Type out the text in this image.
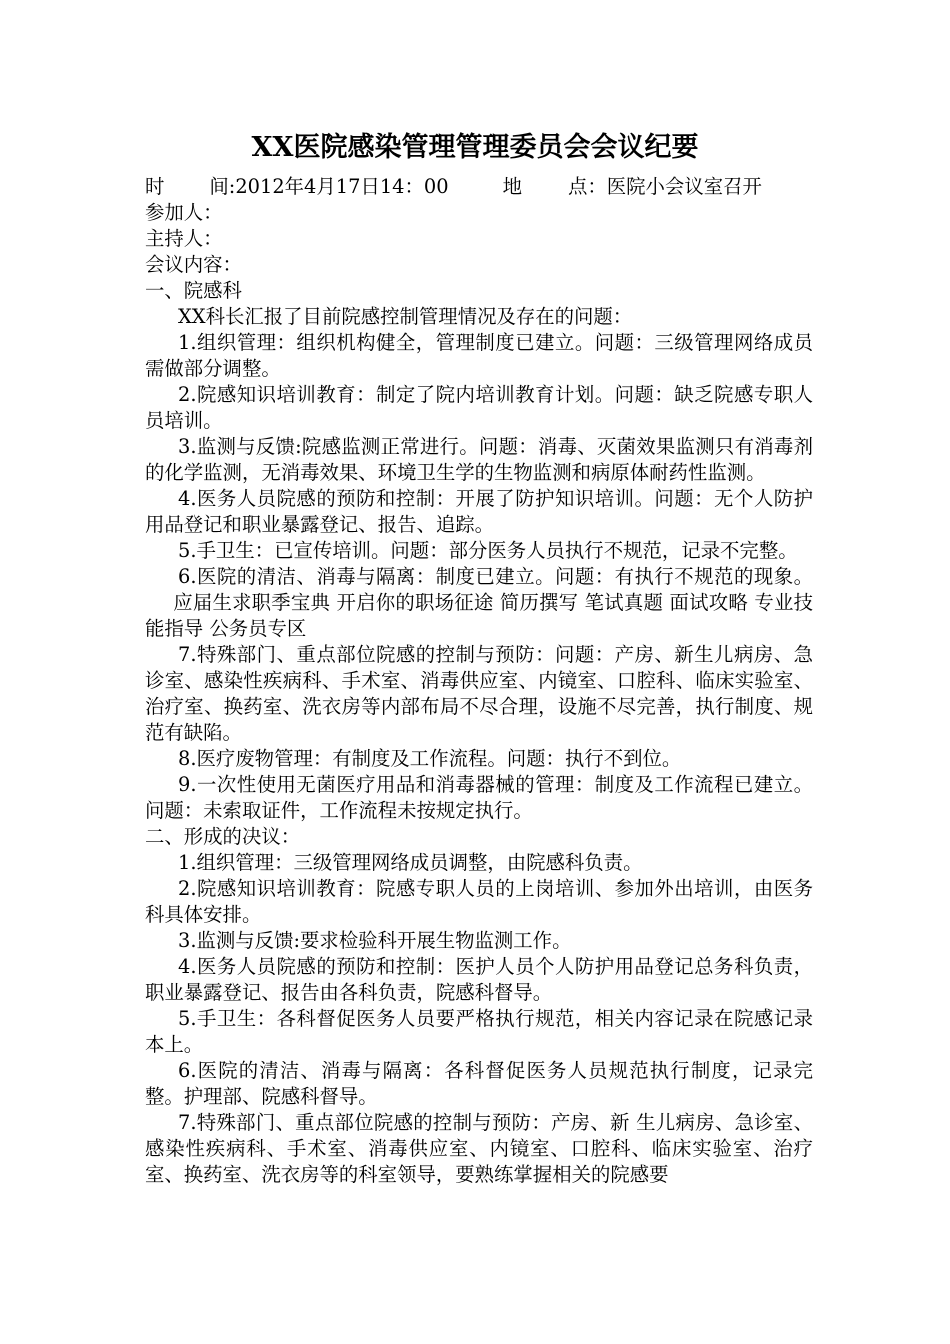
XX医院感染管理管理委员会会议纪要

时 间:2012年4月17日14：00	地 点：医院小会议室召开

参加人：

主持人：

会议内容：

一、院感科

XX科长汇报了目前院感控制管理情况及存在的问题：

1.组织管理：组织机构健全，管理制度已建立。问题：三级管理网络成员需做部分调整。

2.院感知识培训教育：制定了院内培训教育计划。问题：缺乏院感专职人员培训。

3.监测与反馈:院感监测正常进行。问题：消毒、灭菌效果监测只有消毒剂的化学监测，无消毒效果、环境卫生学的生物监测和病原体耐药性监测。

4.医务人员院感的预防和控制：开展了防护知识培训。问题：无个人防护用品登记和职业暴露登记、报告、追踪。

5.手卫生：已宣传培训。问题：部分医务人员执行不规范，记录不完整。

6.医院的清洁、消毒与隔离：制度已建立。问题：有执行不规范的现象。应届生求职季宝典 开启你的职场征途 简历撰写 笔试真题 面试攻略 专业技能指导 公务员专区

7.特殊部门、重点部位院感的控制与预防：问题：产房、新生儿病房、急诊室、感染性疾病科、手术室、消毒供应室、内镜室、口腔科、临床实验室、治疗室、换药室、洗衣房等内部布局不尽合理，设施不尽完善，执行制度、规范有缺陷。

8.医疗废物管理：有制度及工作流程。问题：执行不到位。

9.一次性使用无菌医疗用品和消毒器械的管理：制度及工作流程已建立。问题：未索取证件，工作流程未按规定执行。

二、形成的决议：

1.组织管理：三级管理网络成员调整，由院感科负责。

2.院感知识培训教育：院感专职人员的上岗培训、参加外出培训，由医务科具体安排。

3.监测与反馈:要求检验科开展生物监测工作。

4.医务人员院感的预防和控制：医护人员个人防护用品登记总务科负责，职业暴露登记、报告由各科负责，院感科督导。

5.手卫生：各科督促医务人员要严格执行规范，相关内容记录在院感记录本上。

6.医院的清洁、消毒与隔离：各科督促医务人员规范执行制度，记录完整。护理部、院感科督导。

7.特殊部门、重点部位院感的控制与预防：产房、新 生儿病房、急诊室、感染性疾病科、手术室、消毒供应室、内镜室、口腔科、临床实验室、治疗室、换药室、洗衣房等的科室领导，要熟练掌握相关的院感要
